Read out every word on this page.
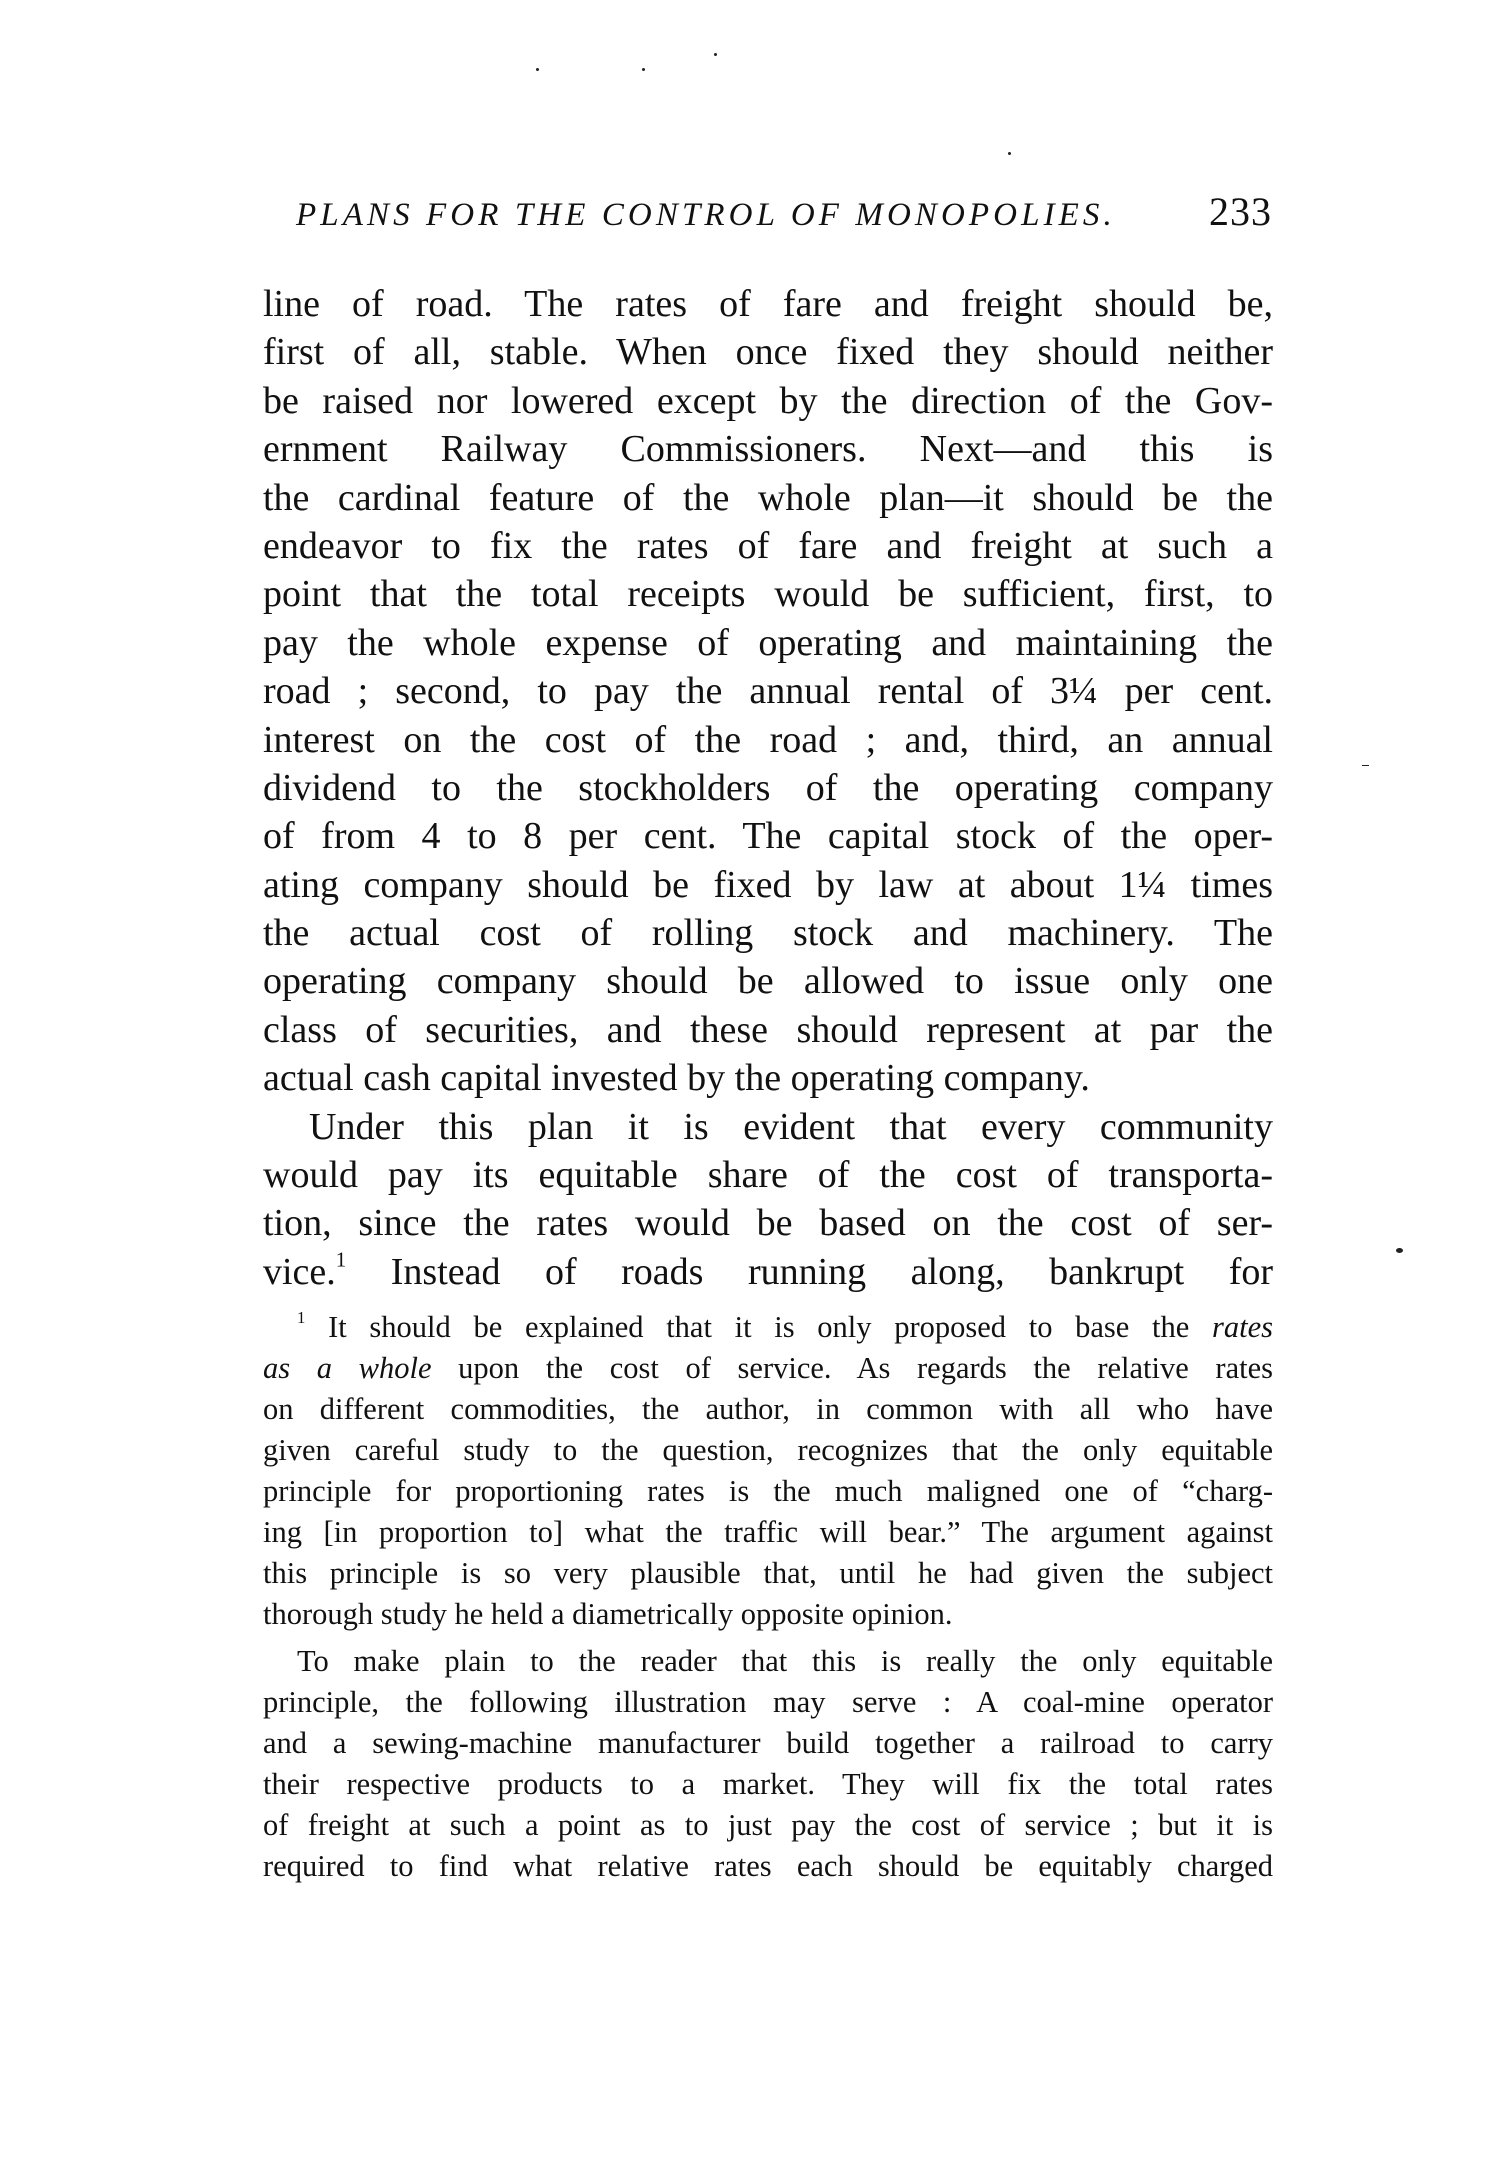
PLANS FOR THE CONTROL OF MONOPOLIES. 233
line of road. The rates of fare and freight should be,
first of all, stable. When once fixed they should neither
be raised nor lowered except by the direction of the Gov-
ernment Railway Commissioners. Next—and this is
the cardinal feature of the whole plan—it should be the
endeavor to fix the rates of fare and freight at such a
point that the total receipts would be sufficient, first, to
pay the whole expense of operating and maintaining the
road ; second, to pay the annual rental of 3¼ per cent.
interest on the cost of the road ; and, third, an annual
dividend to the stockholders of the operating company
of from 4 to 8 per cent. The capital stock of the oper-
ating company should be fixed by law at about 1¼ times
the actual cost of rolling stock and machinery. The
operating company should be allowed to issue only one
class of securities, and these should represent at par the
actual cash capital invested by the operating company.
Under this plan it is evident that every community
would pay its equitable share of the cost of transporta-
tion, since the rates would be based on the cost of ser-
vice.$^1$ Instead of roads running along, bankrupt for
$^1$ It should be explained that it is only proposed to base the rates
as a whole upon the cost of service. As regards the relative rates
on different commodities, the author, in common with all who have
given careful study to the question, recognizes that the only equitable
principle for proportioning rates is the much maligned one of “charg-
ing [in proportion to] what the traffic will bear.” The argument against
this principle is so very plausible that, until he had given the subject
thorough study he held a diametrically opposite opinion.
To make plain to the reader that this is really the only equitable
principle, the following illustration may serve : A coal-mine operator
and a sewing-machine manufacturer build together a railroad to carry
their respective products to a market. They will fix the total rates
of freight at such a point as to just pay the cost of service ; but it is
required to find what relative rates each should be equitably charged
